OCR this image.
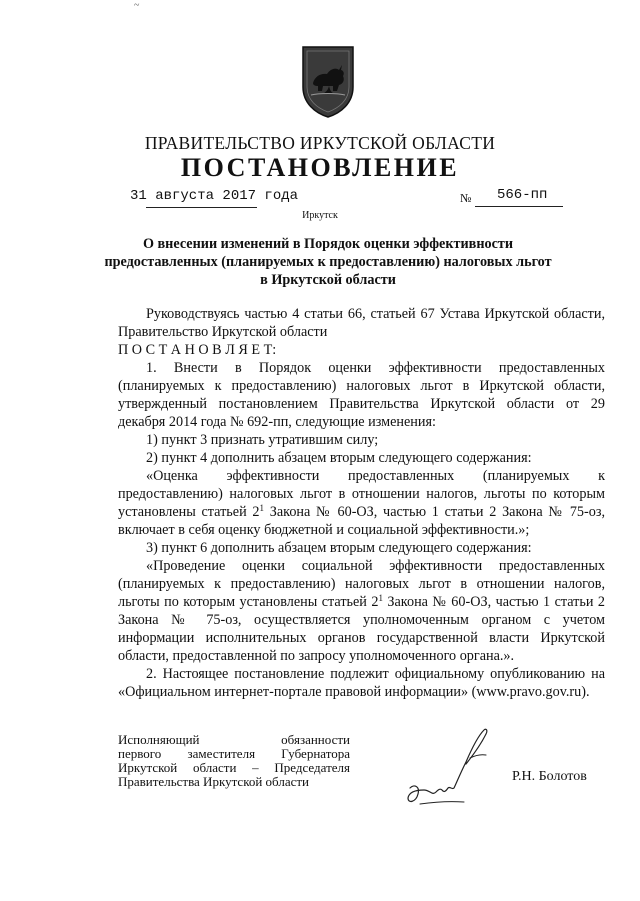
~
ПРАВИТЕЛЬСТВО ИРКУТСКОЙ ОБЛАСТИ
ПОСТАНОВЛЕНИЕ
31 августа 2017 года	№ 566-пп
Иркутск
О внесении изменений в Порядок оценки эффективности предоставленных (планируемых к предоставлению) налоговых льгот в Иркутской области

Руководствуясь частью 4 статьи 66, статьей 67 Устава Иркутской области, Правительство Иркутской области

П О С Т А Н О В Л Я Е Т:

1. Внести в Порядок оценки эффективности предоставленных (планируемых к предоставлению) налоговых льгот в Иркутской области, утвержденный постановлением Правительства Иркутской области от 29 декабря 2014 года № 692-пп, следующие изменения:

1) пункт 3 признать утратившим силу;

2) пункт 4 дополнить абзацем вторым следующего содержания:

«Оценка эффективности предоставленных (планируемых к предоставлению) налоговых льгот в отношении налогов, льготы по которым установлены статьей $2^1$ Закона № 60-ОЗ, частью 1 статьи 2 Закона № 75-оз, включает в себя оценку бюджетной и социальной эффективности.»;

3) пункт 6 дополнить абзацем вторым следующего содержания:

«Проведение оценки социальной эффективности предоставленных (планируемых к предоставлению) налоговых льгот в отношении налогов, льготы по которым установлены статьей $2^1$ Закона № 60-ОЗ, частью 1 статьи 2 Закона № 75-оз, осуществляется уполномоченным органом с учетом информации исполнительных органов государственной власти Иркутской области, предоставленной по запросу уполномоченного органа.».

2. Настоящее постановление подлежит официальному опубликованию на «Официальном интернет-портале правовой информации» (www.pravo.gov.ru).

Исполняющий обязанности
первого заместителя Губернатора
Иркутской области – Председателя
Правительства Иркутской области	Р.Н. Болотов
